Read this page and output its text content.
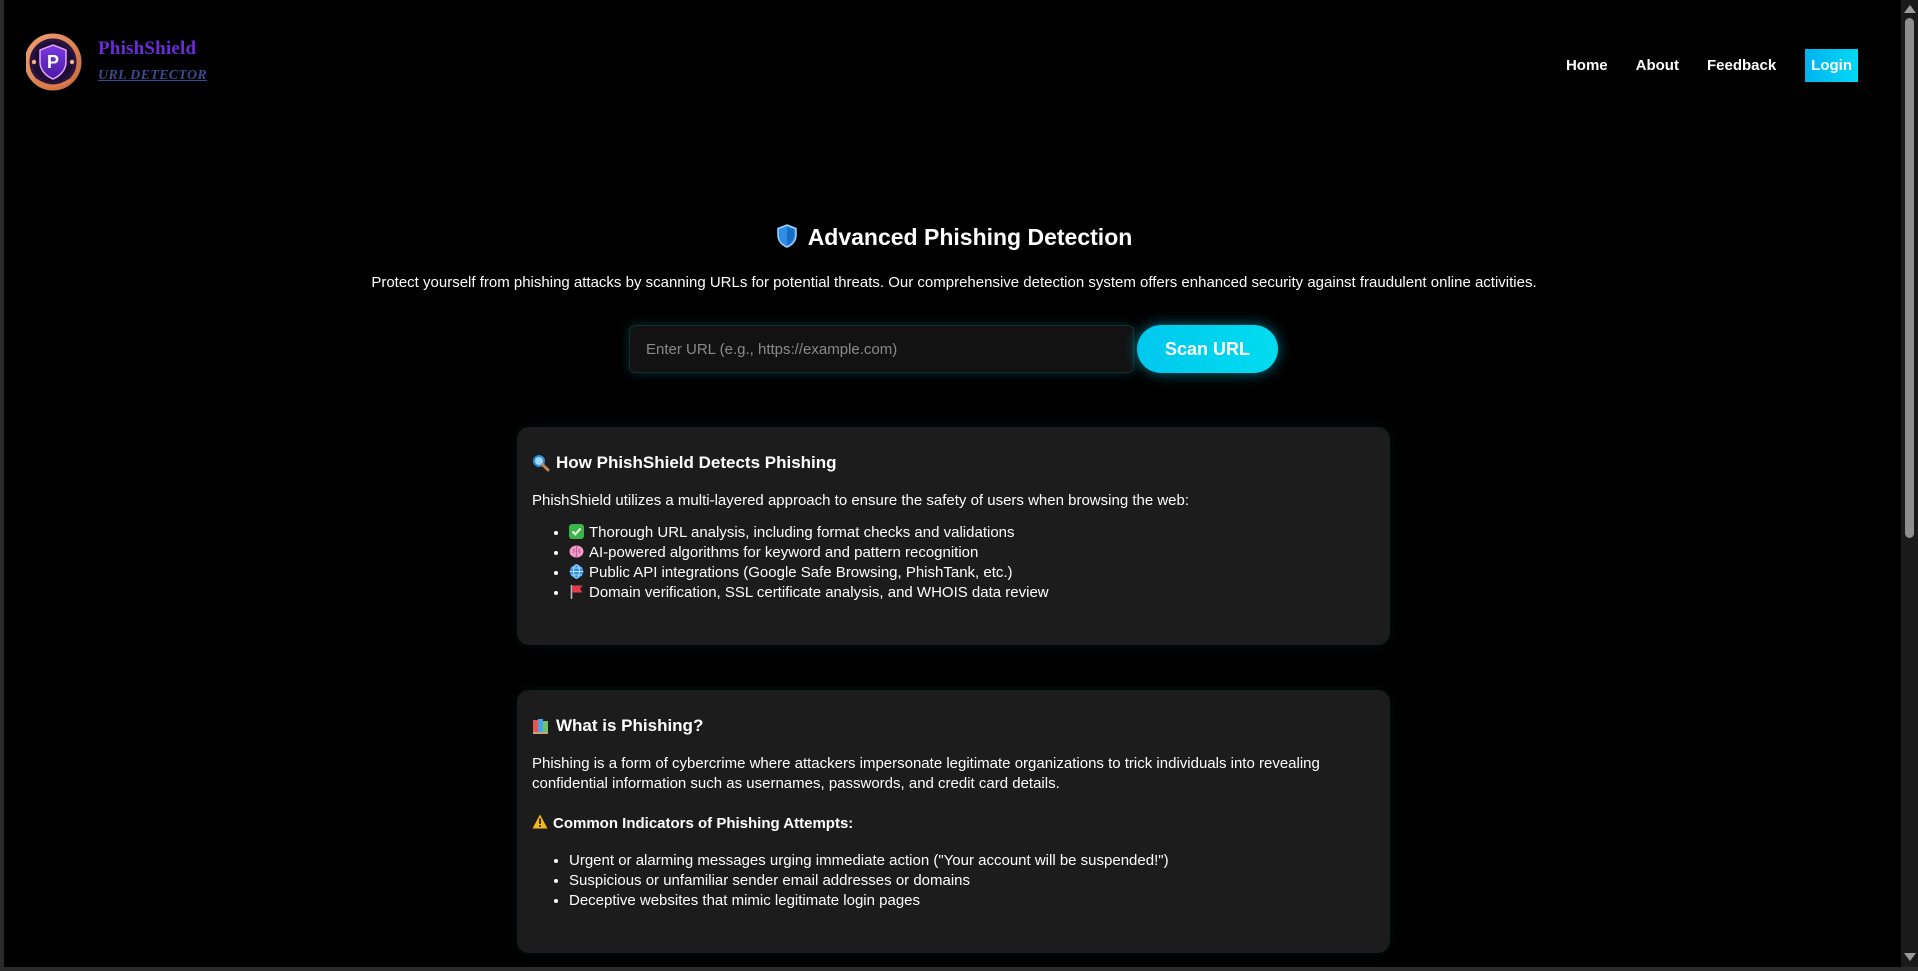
P
PhishShield
URL DETECTOR
Home About Feedback	Login
Advanced Phishing Detection
Protect yourself from phishing attacks by scanning URLs for potential threats. Our comprehensive detection system offers enhanced security against fraudulent online activities.
Enter URL (e.g., https://example.com)
Scan URL
How PhishShield Detects Phishing

PhishShield utilizes a multi-layered approach to ensure the safety of users when browsing the web:

• Thorough URL analysis, including format checks and validations
• AI-powered algorithms for keyword and pattern recognition
• Public API integrations (Google Safe Browsing, PhishTank, etc.)
• Domain verification, SSL certificate analysis, and WHOIS data review
What is Phishing?

Phishing is a form of cybercrime where attackers impersonate legitimate organizations to trick individuals into revealing confidential information such as usernames, passwords, and credit card details.

Common Indicators of Phishing Attempts:
• Urgent or alarming messages urging immediate action ("Your account will be suspended!")
• Suspicious or unfamiliar sender email addresses or domains
• Deceptive websites that mimic legitimate login pages
